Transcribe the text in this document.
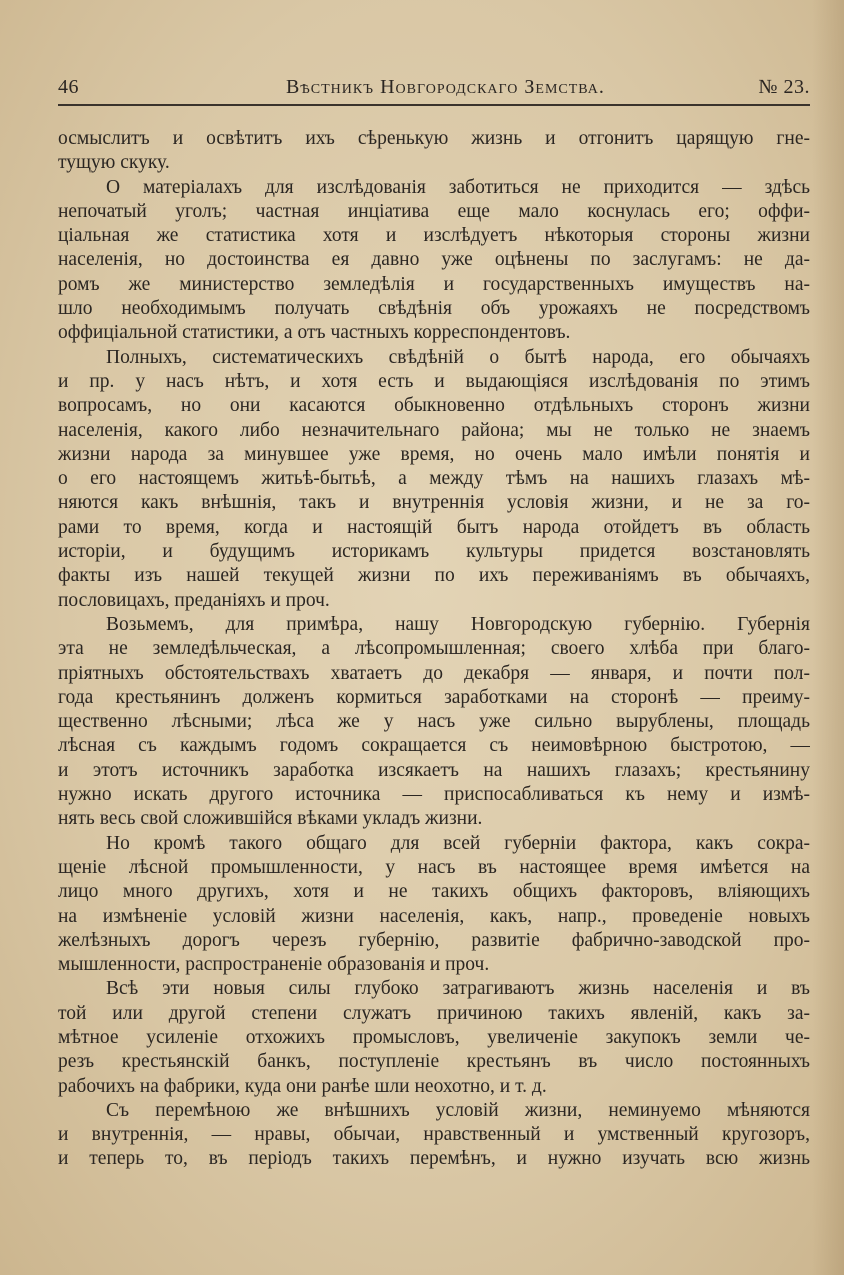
46	Вѣстникъ Новгородскаго Земства.	№ 23.
осмыслитъ и освѣтитъ ихъ сѣренькую жизнь и отгонитъ царящую гне-
тущую скуку.
О матеріалахъ для изслѣдованія заботиться не приходится — здѣсь
непочатый уголъ; частная инціатива еще мало коснулась его; оффи-
ціальная же статистика хотя и изслѣдуетъ нѣкоторыя стороны жизни
населенія, но достоинства ея давно уже оцѣнены по заслугамъ: не да-
ромъ же министерство земледѣлія и государственныхъ имуществъ на-
шло необходимымъ получать свѣдѣнія объ урожаяхъ не посредствомъ
оффиціальной статистики, а отъ частныхъ корреспондентовъ.
Полныхъ, систематическихъ свѣдѣній о бытѣ народа, его обычаяхъ
и пр. у насъ нѣтъ, и хотя есть и выдающіяся изслѣдованія по этимъ
вопросамъ, но они касаются обыкновенно отдѣльныхъ сторонъ жизни
населенія, какого либо незначительнаго района; мы не только не знаемъ
жизни народа за минувшее уже время, но очень мало имѣли понятія и
о его настоящемъ житьѣ-бытьѣ, а между тѣмъ на нашихъ глазахъ мѣ-
няются какъ внѣшнія, такъ и внутреннія условія жизни, и не за го-
рами то время, когда и настоящій бытъ народа отойдетъ въ область
исторіи, и будущимъ историкамъ культуры придется возстановлять
факты изъ нашей текущей жизни по ихъ переживаніямъ въ обычаяхъ,
пословицахъ, преданіяхъ и проч.
Возьмемъ, для примѣра, нашу Новгородскую губернію. Губернія
эта не земледѣльческая, а лѣсопромышленная; своего хлѣба при благо-
пріятныхъ обстоятельствахъ хватаетъ до декабря — января, и почти пол-
года крестьянинъ долженъ кормиться заработками на сторонѣ — преиму-
щественно лѣсными; лѣса же у насъ уже сильно вырублены, площадь
лѣсная съ каждымъ годомъ сокращается съ неимовѣрною быстротою, —
и этотъ источникъ заработка изсякаетъ на нашихъ глазахъ; крестьянину
нужно искать другого источника — приспосабливаться къ нему и измѣ-
нять весь свой сложившійся вѣками укладъ жизни.
Но кромѣ такого общаго для всей губерніи фактора, какъ сокра-
щеніе лѣсной промышленности, у насъ въ настоящее время имѣется на
лицо много другихъ, хотя и не такихъ общихъ факторовъ, вліяющихъ
на измѣненіе условій жизни населенія, какъ, напр., проведеніе новыхъ
желѣзныхъ дорогъ черезъ губернію, развитіе фабрично-заводской про-
мышленности, распространеніе образованія и проч.
Всѣ эти новыя силы глубоко затрагиваютъ жизнь населенія и въ
той или другой степени служатъ причиною такихъ явленій, какъ за-
мѣтное усиленіе отхожихъ промысловъ, увеличеніе закупокъ земли че-
резъ крестьянскій банкъ, поступленіе крестьянъ въ число постоянныхъ
рабочихъ на фабрики, куда они ранѣе шли неохотно, и т. д.
Съ перемѣною же внѣшнихъ условій жизни, неминуемо мѣняются
и внутреннія, — нравы, обычаи, нравственный и умственный кругозоръ,
и теперь то, въ періодъ такихъ перемѣнъ, и нужно изучать всю жизнь
